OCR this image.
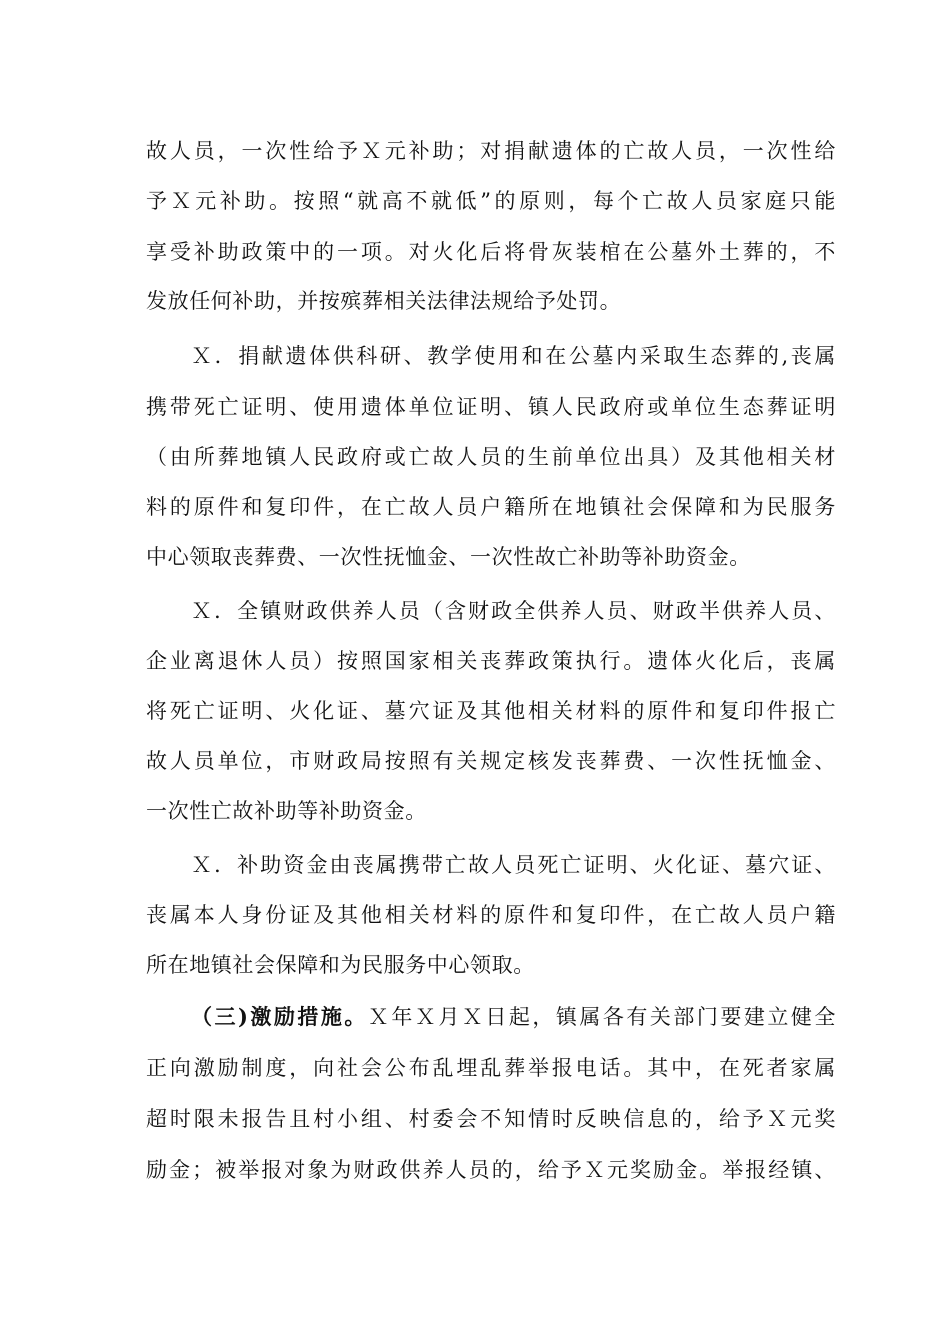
故人员，一次性给予Ｘ元补助；对捐献遗体的亡故人员，一次性给
予Ｘ元补助。按照“就高不就低”的原则，每个亡故人员家庭只能
享受补助政策中的一项。对火化后将骨灰装棺在公墓外土葬的，不
发放任何补助，并按殡葬相关法律法规给予处罚。
Ｘ．捐献遗体供科研、教学使用和在公墓内采取生态葬的,丧属
携带死亡证明、使用遗体单位证明、镇人民政府或单位生态葬证明
（由所葬地镇人民政府或亡故人员的生前单位出具）及其他相关材
料的原件和复印件，在亡故人员户籍所在地镇社会保障和为民服务
中心领取丧葬费、一次性抚恤金、一次性故亡补助等补助资金。
Ｘ．全镇财政供养人员（含财政全供养人员、财政半供养人员、
企业离退休人员）按照国家相关丧葬政策执行。遗体火化后，丧属
将死亡证明、火化证、墓穴证及其他相关材料的原件和复印件报亡
故人员单位，市财政局按照有关规定核发丧葬费、一次性抚恤金、
一次性亡故补助等补助资金。
Ｘ．补助资金由丧属携带亡故人员死亡证明、火化证、墓穴证、
丧属本人身份证及其他相关材料的原件和复印件，在亡故人员户籍
所在地镇社会保障和为民服务中心领取。
（三)激励措施。Ｘ年Ｘ月Ｘ日起，镇属各有关部门要建立健全
正向激励制度，向社会公布乱埋乱葬举报电话。其中，在死者家属
超时限未报告且村小组、村委会不知情时反映信息的，给予Ｘ元奖
励金；被举报对象为财政供养人员的，给予Ｘ元奖励金。举报经镇、
